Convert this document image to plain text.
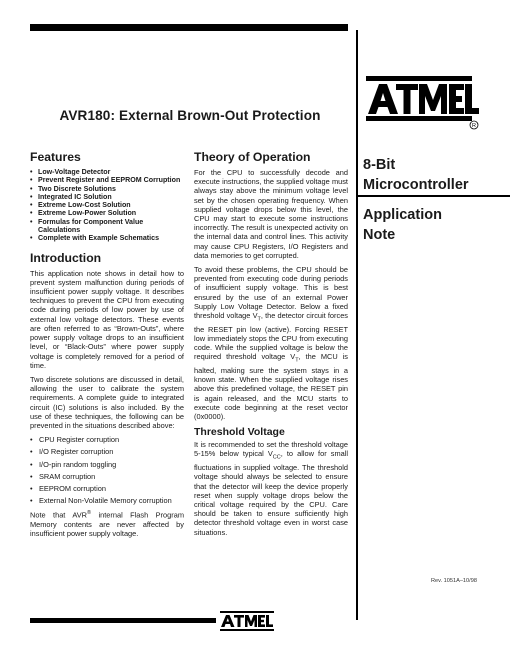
R
AVR180: External Brown-Out Protection
8-Bit
Microcontroller
Application
Note
Features
• Low-Voltage Detector
• Prevent Register and EEPROM Corruption
• Two Discrete Solutions
• Integrated IC Solution
• Extreme Low-Cost Solution
• Extreme Low-Power Solution
• Formulas for Component Value Calculations
• Complete with Example Schematics
Introduction

This application note shows in detail how to prevent system malfunction during periods of insufficient power supply voltage. It describes techniques to prevent the CPU from executing code during periods of low power by use of external low voltage detectors. These events are often referred to as “Brown-Outs”, where power supply voltage drops to an insufficient level, or “Black-Outs” where power supply voltage is completely removed for a period of time.

Two discrete solutions are discussed in detail, allowing the user to calibrate the system requirements. A complete guide to integrated circuit (IC) solutions is also included. By the use of these techniques, the following can be prevented in the situations described above:

• CPU Register corruption
• I/O Register corruption
• I/O-pin random toggling
• SRAM corruption
• EEPROM corruption
• External Non-Volatile Memory corruption

Note that AVR® internal Flash Program Memory contents are never affected by insufficient power supply voltage.

Theory of Operation

For the CPU to successfully decode and execute instructions, the supplied voltage must always stay above the minimum voltage level set by the chosen operating frequency. When supplied voltage drops below this level, the CPU may start to execute some instructions incorrectly. The result is unexpected activity on the internal data and control lines. This activity may cause CPU Registers, I/O Registers and data memories to get corrupted.

To avoid these problems, the CPU should be prevented from executing code during periods of insufficient supply voltage. This is best ensured by the use of an external Power Supply Low Voltage Detector. Below a fixed threshold voltage $V_T$, the detector circuit forces the RESET pin low (active). Forcing RESET low immediately stops the CPU from executing code. While the supplied voltage is below the required threshold voltage $V_T$, the MCU is halted, making sure the system stays in a known state. When the supplied voltage rises above this predefined voltage, the RESET pin is again released, and the MCU starts to execute code beginning at the reset vector (0x0000).

Threshold Voltage

It is recommended to set the threshold voltage 5-15% below typical $V_{CC}$, to allow for small fluctuations in supplied voltage. The threshold voltage should always be selected to ensure that the detector will keep the device properly reset when supply voltage drops below the critical voltage required by the CPU. Care should be taken to ensure sufficiently high detector threshold voltage even in worst case situations.

Rev. 1051A–10/98
